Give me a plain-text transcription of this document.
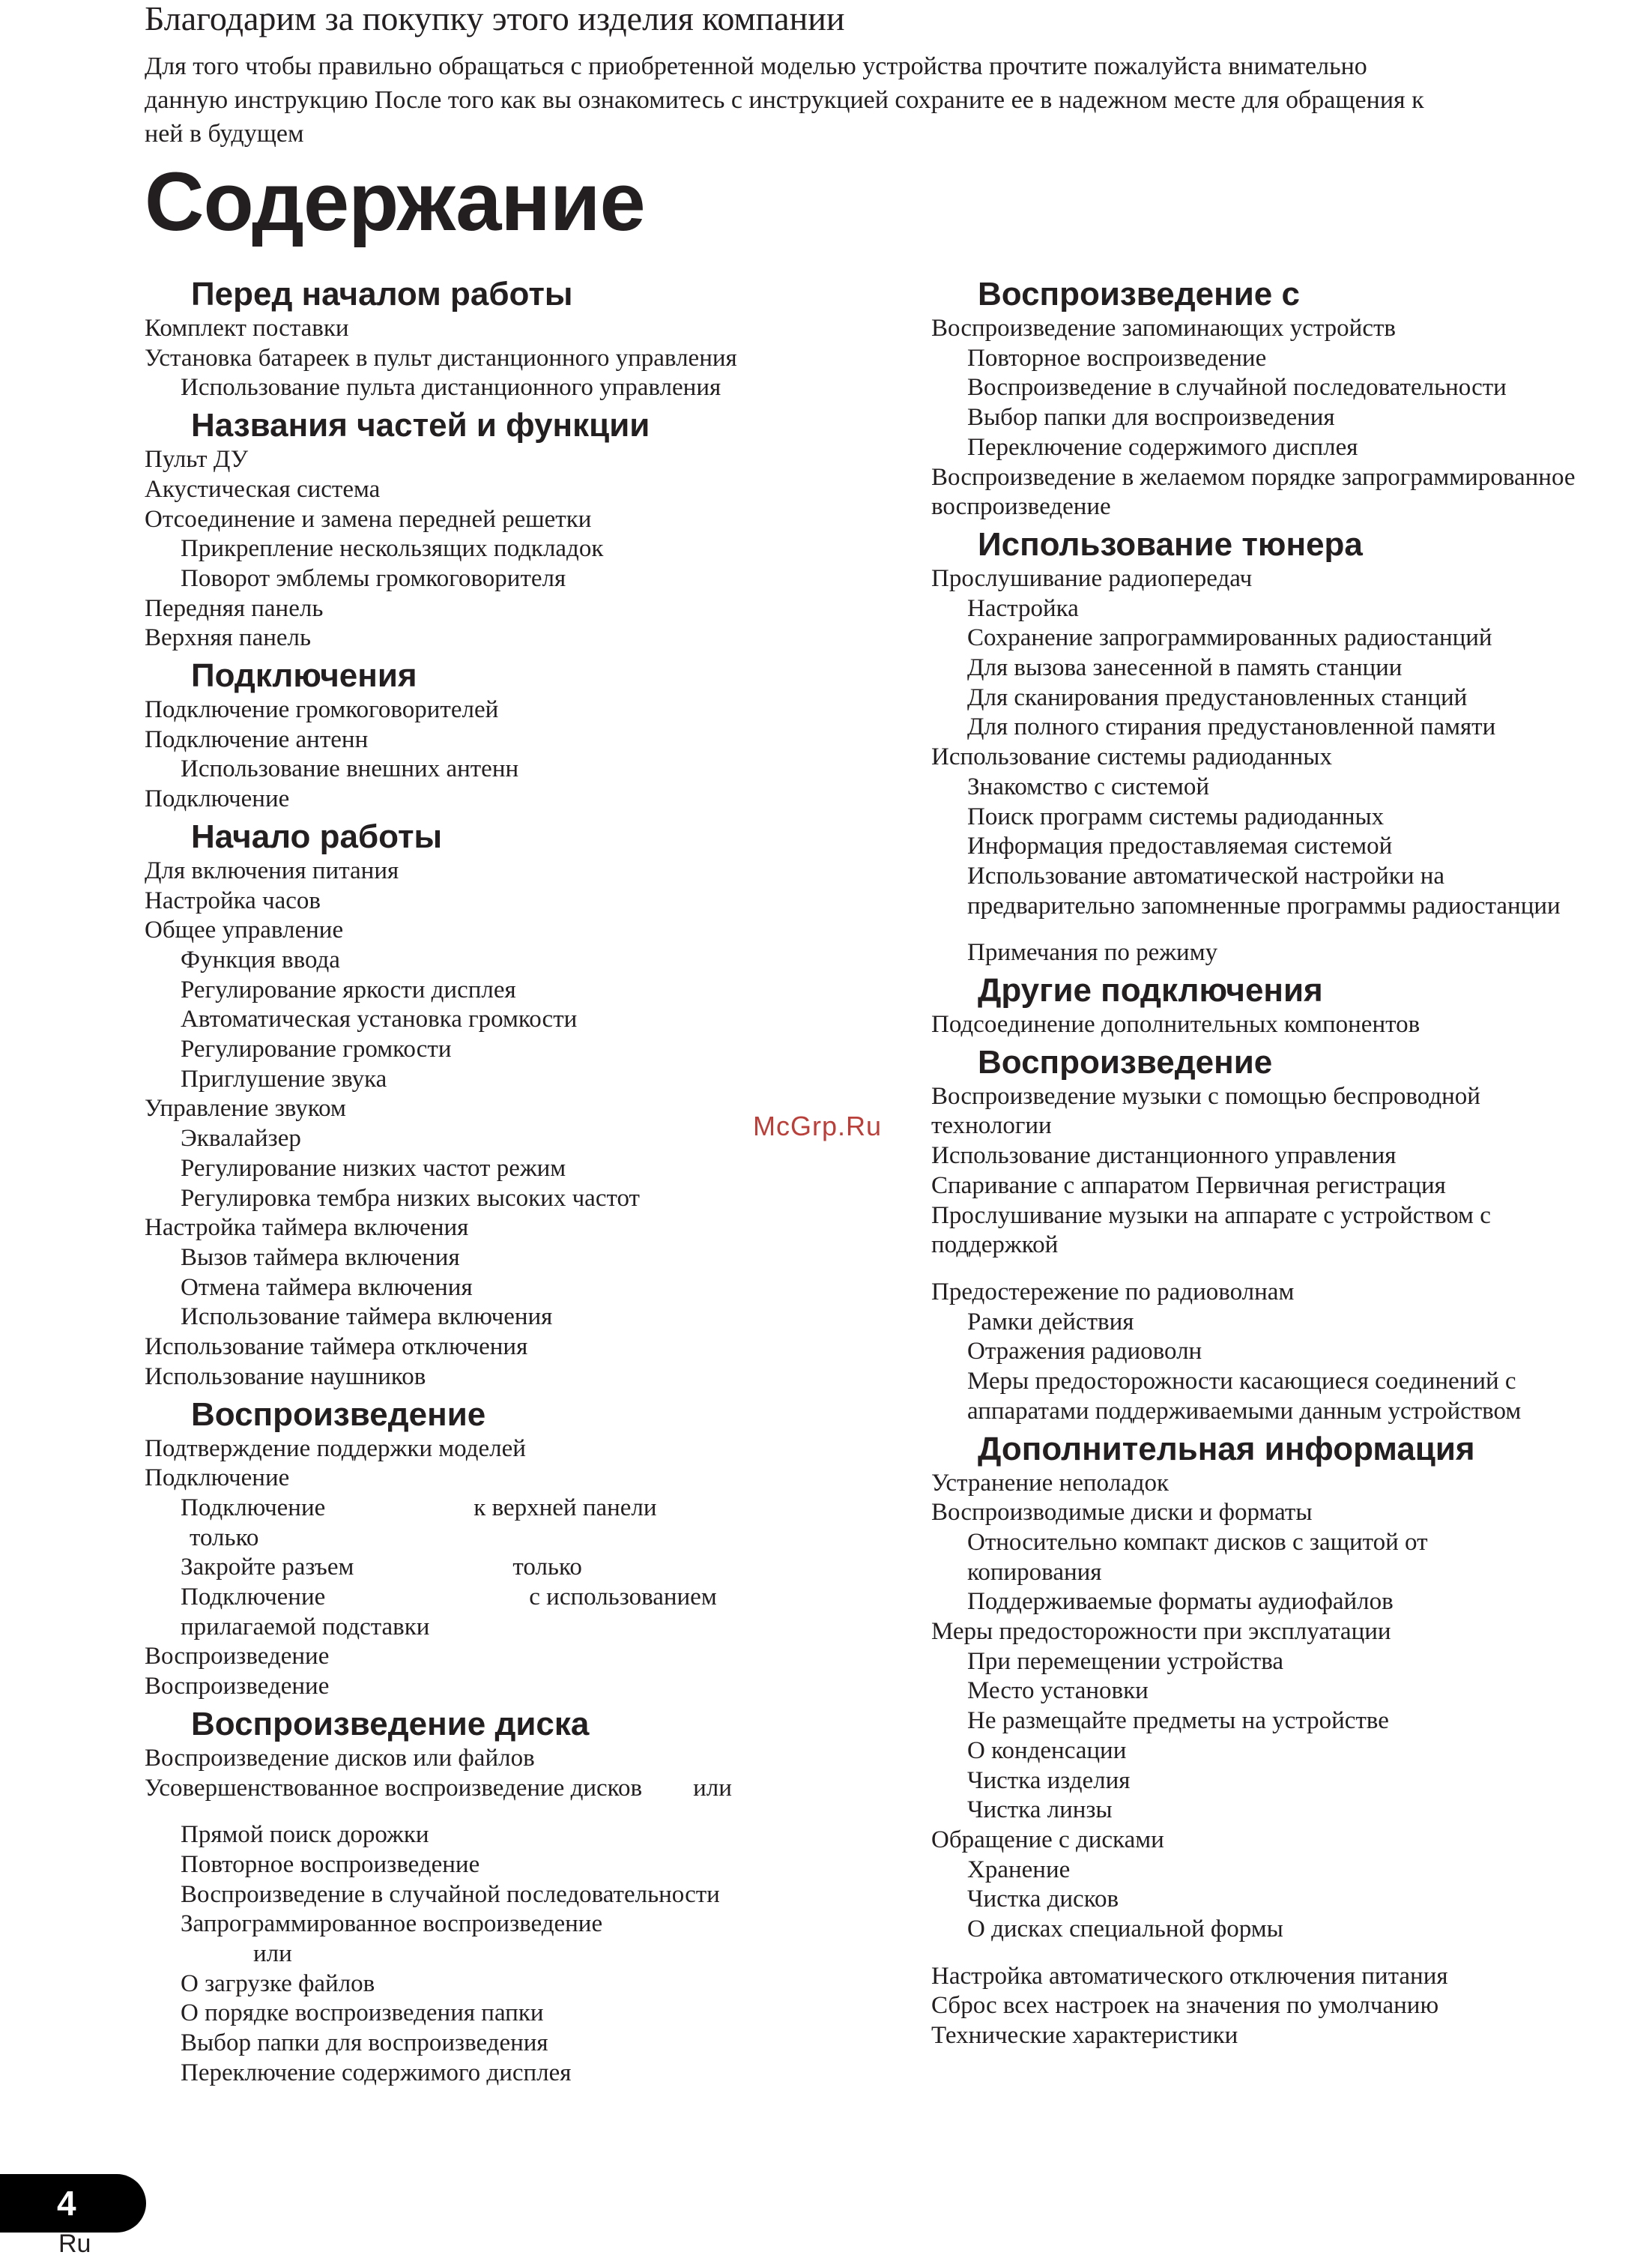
Благодарим за покупку этого изделия компании
Для того чтобы правильно обращаться с приобретенной моделью устройства прочтите пожалуйста внимательно
данную инструкцию После того как вы ознакомитесь с инструкцией сохраните ее в надежном месте для обращения к
ней в будущем
Содержание
Перед началом работы
Комплект поставки
Установка батареек в пульт дистанционного управления
Использование пульта дистанционного управления
Названия частей и функции
Пульт ДУ
Акустическая система
Отсоединение и замена передней решетки
Прикрепление нескользящих подкладок
Поворот эмблемы громкоговорителя
Передняя панель
Верхняя панель
Подключения
Подключение громкоговорителей
Подключение антенн
Использование внешних антенн
Подключение
Начало работы
Для включения питания
Настройка часов
Общее управление
Функция ввода
Регулирование яркости дисплея
Автоматическая установка громкости
Регулирование громкости
Приглушение звука
Управление звуком
Эквалайзер
Регулирование низких частот режим
Регулировка тембра низких высоких частот
Настройка таймера включения
Вызов таймера включения
Отмена таймера включения
Использование таймера включения
Использование таймера отключения
Использование наушников
Воспроизведение
Подтверждение поддержки моделей
Подключение
Подключение	к верхней панели
только
Закройте разъем	только
Подключение	с использованием
прилагаемой подставки
Воспроизведение
Воспроизведение
Воспроизведение диска
Воспроизведение дисков или файлов
Усовершенствованное воспроизведение дисков или
Прямой поиск дорожки
Повторное воспроизведение
Воспроизведение в случайной последовательности
Запрограммированное воспроизведение
или
О загрузке файлов
О порядке воспроизведения папки
Выбор папки для воспроизведения
Переключение содержимого дисплея
Воспроизведение с
Воспроизведение запоминающих устройств
Повторное воспроизведение
Воспроизведение в случайной последовательности
Выбор папки для воспроизведения
Переключение содержимого дисплея
Воспроизведение в желаемом порядке запрограммированное
воспроизведение
Использование тюнера
Прослушивание радиопередач
Настройка
Сохранение запрограммированных радиостанций
Для вызова занесенной в память станции
Для сканирования предустановленных станций
Для полного стирания предустановленной памяти
Использование системы радиоданных
Знакомство с системой
Поиск программ системы радиоданных
Информация предоставляемая системой
Использование автоматической настройки на
предварительно запомненные программы радиостанции
Примечания по режиму
Другие подключения
Подсоединение дополнительных компонентов
Воспроизведение
Воспроизведение музыки с помощью беспроводной
технологии
Использование дистанционного управления
Спаривание с аппаратом Первичная регистрация
Прослушивание музыки на аппарате с устройством с
поддержкой
Предостережение по радиоволнам
Рамки действия
Отражения радиоволн
Меры предосторожности касающиеся соединений с
аппаратами поддерживаемыми данным устройством
Дополнительная информация
Устранение неполадок
Воспроизводимые диски и форматы
Относительно компакт дисков с защитой от
копирования
Поддерживаемые форматы аудиофайлов
Меры предосторожности при эксплуатации
При перемещении устройства
Место установки
Не размещайте предметы на устройстве
О конденсации
Чистка изделия
Чистка линзы
Обращение с дисками
Хранение
Чистка дисков
О дисках специальной формы
Настройка автоматического отключения питания
Сброс всех настроек на значения по умолчанию
Технические характеристики
McGrp.Ru
4
Ru
